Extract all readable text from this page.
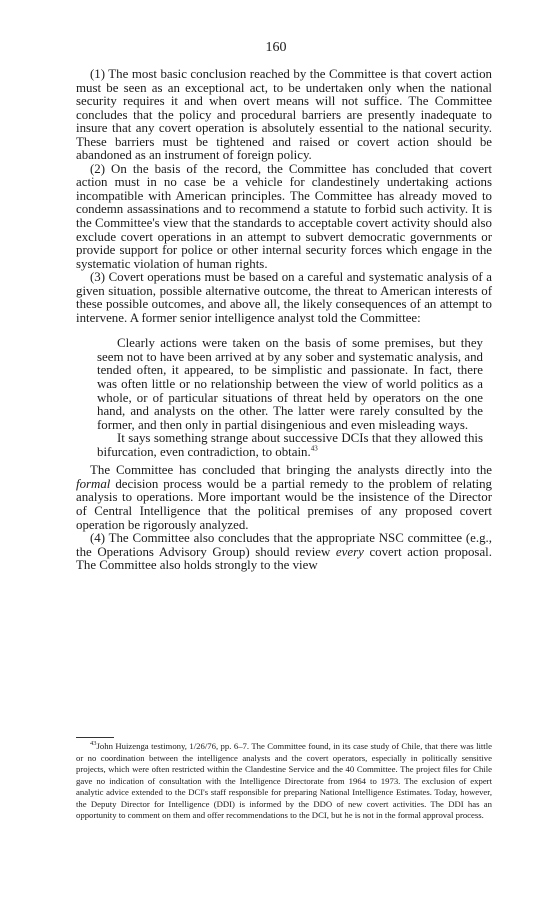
160

(1) The most basic conclusion reached by the Committee is that covert action must be seen as an exceptional act, to be undertaken only when the national security requires it and when overt means will not suffice. The Committee concludes that the policy and procedural barriers are presently inadequate to insure that any covert operation is absolutely essential to the national security. These barriers must be tightened and raised or covert action should be abandoned as an instrument of foreign policy.

(2) On the basis of the record, the Committee has concluded that covert action must in no case be a vehicle for clandestinely undertaking actions incompatible with American principles. The Committee has already moved to condemn assassinations and to recommend a statute to forbid such activity. It is the Committee's view that the standards to acceptable covert activity should also exclude covert operations in an attempt to subvert democratic governments or provide support for police or other internal security forces which engage in the systematic violation of human rights.

(3) Covert operations must be based on a careful and systematic analysis of a given situation, possible alternative outcome, the threat to American interests of these possible outcomes, and above all, the likely consequences of an attempt to intervene. A former senior intelligence analyst told the Committee:

Clearly actions were taken on the basis of some premises, but they seem not to have been arrived at by any sober and systematic analysis, and tended often, it appeared, to be simplistic and passionate. In fact, there was often little or no relationship between the view of world politics as a whole, or of particular situations of threat held by operators on the one hand, and analysts on the other. The latter were rarely consulted by the former, and then only in partial disingenious and even misleading ways.

It says something strange about successive DCIs that they allowed this bifurcation, even contradiction, to obtain.$^{43}$

The Committee has concluded that bringing the analysts directly into the formal decision process would be a partial remedy to the problem of relating analysis to operations. More important would be the insistence of the Director of Central Intelligence that the political premises of any proposed covert operation be rigorously analyzed.

(4) The Committee also concludes that the appropriate NSC committee (e.g., the Operations Advisory Group) should review every covert action proposal. The Committee also holds strongly to the view

$^{43}$John Huizenga testimony, 1/26/76, pp. 6–7. The Committee found, in its case study of Chile, that there was little or no coordination between the intelligence analysts and the covert operators, especially in politically sensitive projects, which were often restricted within the Clandestine Service and the 40 Committee. The project files for Chile gave no indication of consultation with the Intelligence Directorate from 1964 to 1973. The exclusion of expert analytic advice extended to the DCI's staff responsible for preparing National Intelligence Estimates. Today, however, the Deputy Director for Intelligence (DDI) is informed by the DDO of new covert activities. The DDI has an opportunity to comment on them and offer recommendations to the DCI, but he is not in the formal approval process.
